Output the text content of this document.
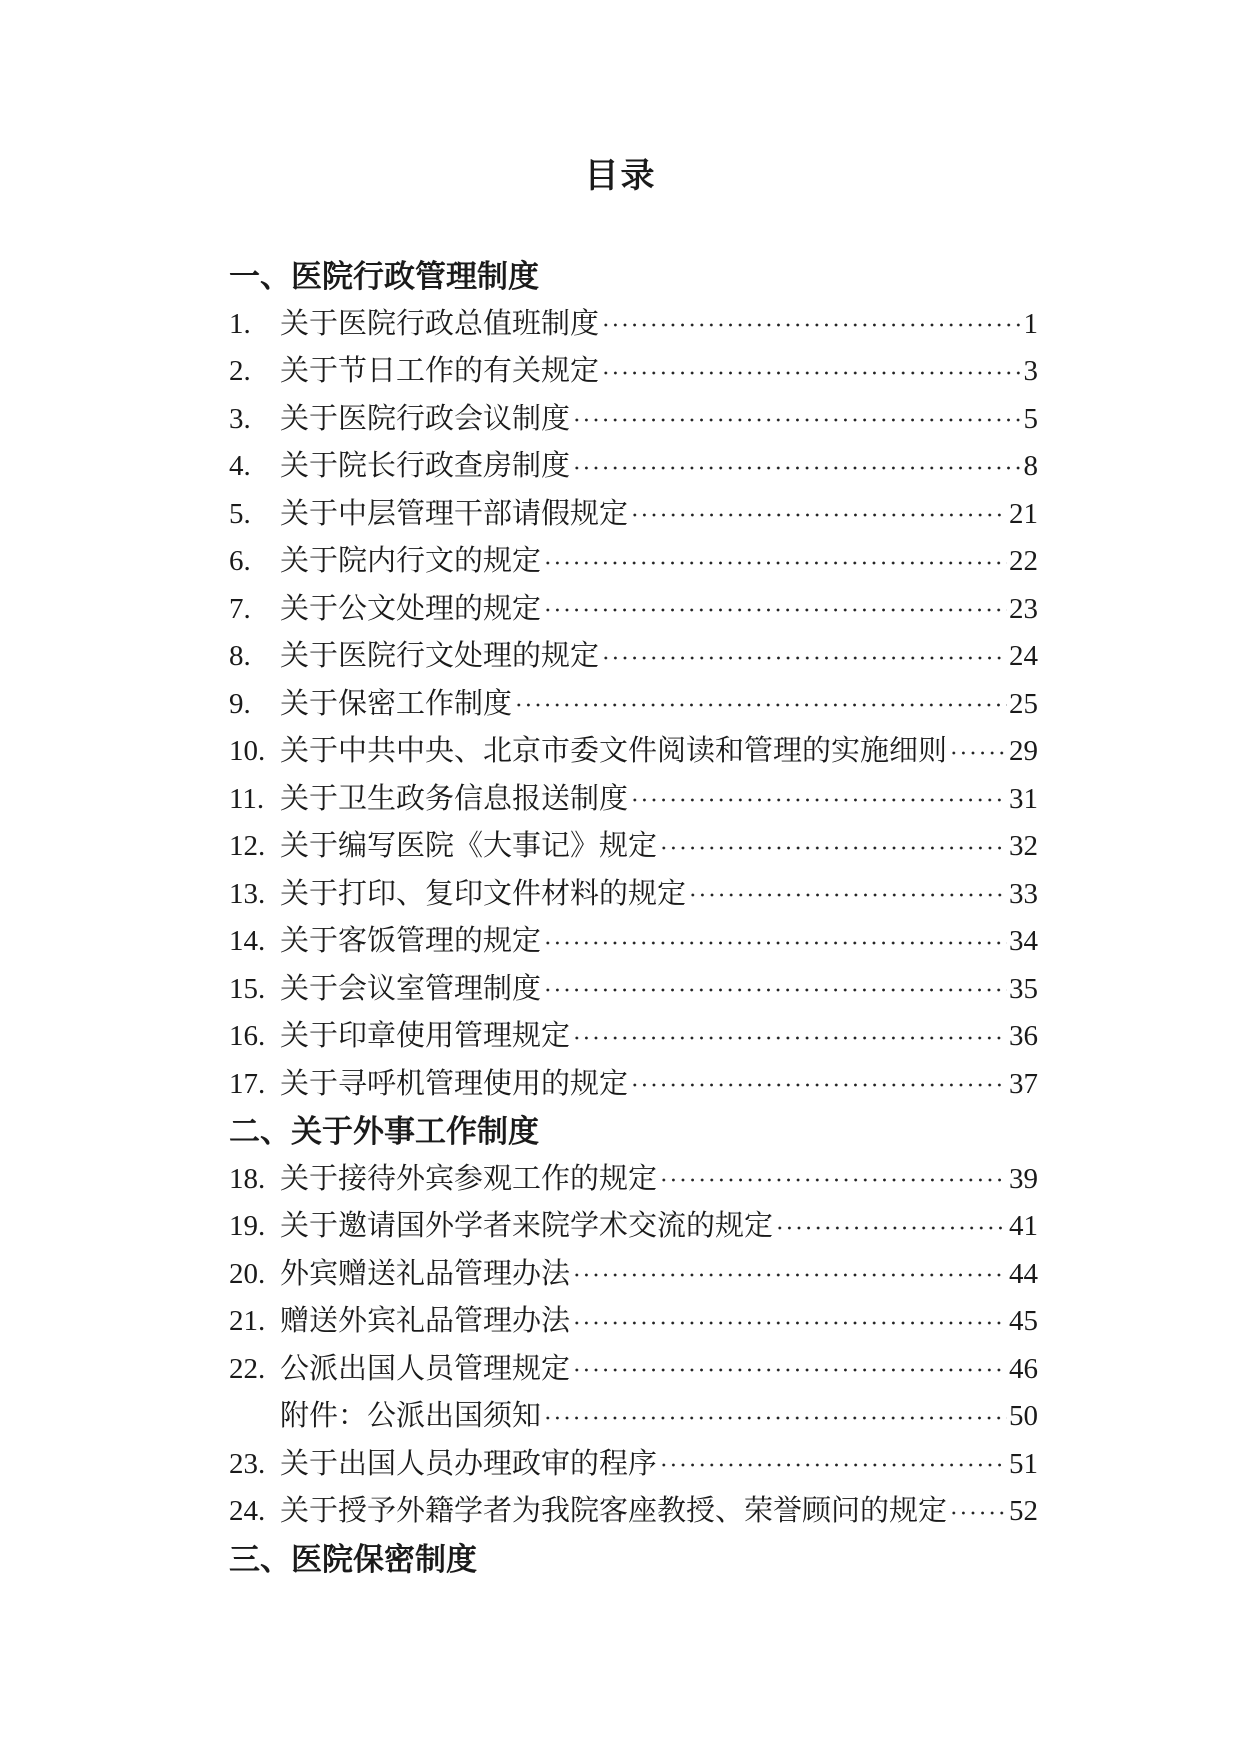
目录
一、医院行政管理制度
1.	关于医院行政总值班制度	1
2.	关于节日工作的有关规定	3
3.	关于医院行政会议制度	5
4.	关于院长行政查房制度	8
5.	关于中层管理干部请假规定	21
6.	关于院内行文的规定	22
7.	关于公文处理的规定	23
8.	关于医院行文处理的规定	24
9.	关于保密工作制度	25
10. 关于中共中央、北京市委文件阅读和管理的实施细则 29
11. 关于卫生政务信息报送制度	31
12. 关于编写医院《大事记》规定	32
13. 关于打印、复印文件材料的规定	33
14. 关于客饭管理的规定	34
15. 关于会议室管理制度	35
16. 关于印章使用管理规定	36
17. 关于寻呼机管理使用的规定	37
二、关于外事工作制度
18. 关于接待外宾参观工作的规定	39
19. 关于邀请国外学者来院学术交流的规定	41
20. 外宾赠送礼品管理办法	44
21. 赠送外宾礼品管理办法	45
22. 公派出国人员管理规定	46
附件：公派出国须知	50
23. 关于出国人员办理政审的程序	51
24. 关于授予外籍学者为我院客座教授、荣誉顾问的规定 52
三、医院保密制度
